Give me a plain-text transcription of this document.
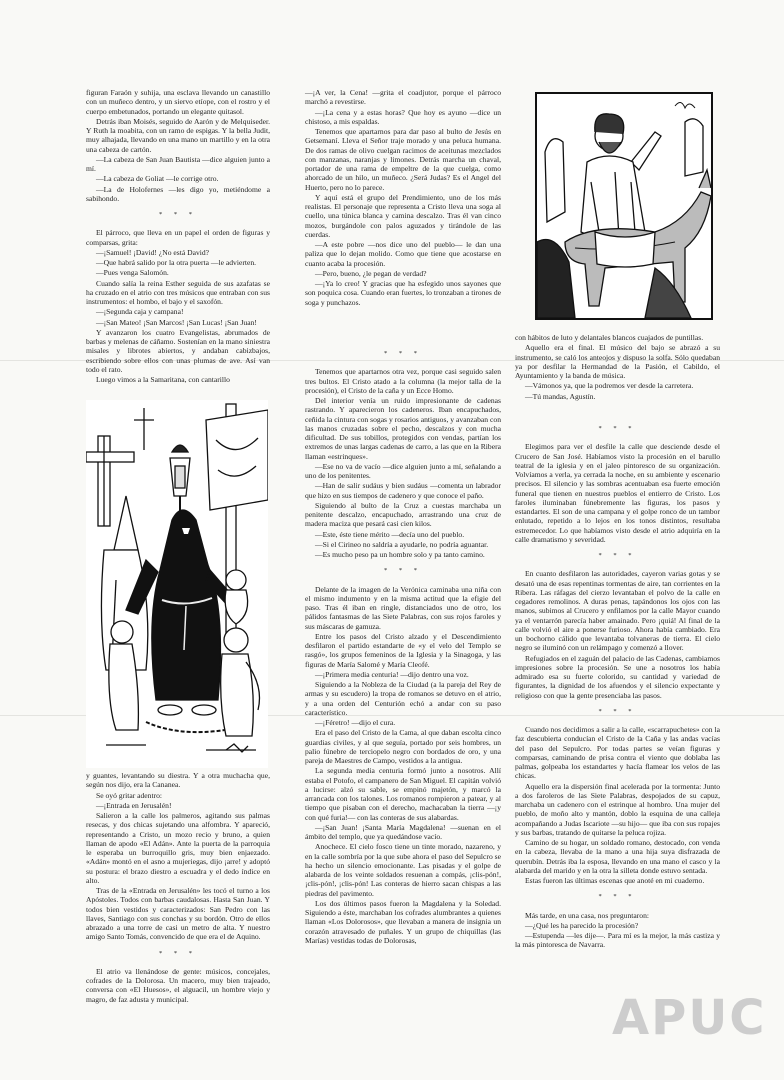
figuran Faraón y suhija, una esclava llevando un canastillo con un muñeco dentro, y un siervo etíope, con el rostro y el cuerpo embetunados, portando un elegante quitasol.

Detrás iban Moisés, seguido de Aarón y de Melquiseder. Y Ruth la moabita, con un ramo de espigas. Y la bella Judit, muy alhajada, llevando en una mano un martillo y en la otra una cabeza de cartón.

—La cabeza de San Juan Bautista —dice alguien junto a mí.

—La cabeza de Goliat —le corrige otro.

—La de Holofernes —les digo yo, metiéndome a sabihondo.

* * *

El párroco, que lleva en un papel el orden de figuras y comparsas, grita:

—¡Samuel! ¡David! ¿No está David?

—Que habrá salido por la otra puerta —le advierten.

—Pues venga Salomón.

Cuando salía la reina Esther seguida de sus azafatas se ha cruzado en el atrio con tres músicos que entraban con sus instrumentos: el hombo, el bajo y el saxofón.

—¡Segunda caja y campana!

—¡San Mateo! ¡San Marcos! ¡San Lucas! ¡San Juan!

Y avanzaron los cuatro Evangelistas, abrumados de barbas y melenas de cáñamo. Sostenían en la mano siniestra misales y librotes abiertos, y andaban cabizbajos, escribiendo sobre ellos con unas plumas de ave. Así van todo el rato.

Luego vimos a la Samaritana, con cantarillo

y guantes, levantando su diestra. Y a otra muchacha que, según nos dijo, era la Cananea.

Se oyó gritar adentro:

—¡Entrada en Jerusalén!

Salieron a la calle los palmeros, agitando sus palmas resecas, y dos chicas sujetando una alfombra. Y apareció, representando a Cristo, un mozo recio y bruno, a quien llaman de apodo «El Adán». Ante la puerta de la parroquia le esperaba un burroquillo gris, muy bien enjaezado. «Adán» montó en el asno a mujeriegas, dijo ¡arre! y adoptó su postura: el brazo diestro a escuadra y el dedo índice en alto.

Tras de la «Entrada en Jerusalén» les tocó el turno a los Apóstoles. Todos con barbas caudalosas. Hasta San Juan. Y todos bien vestidos y caracterizados: San Pedro con las llaves, Santiago con sus conchas y su bordón. Otro de ellos abrazado a una torre de casi un metro de alta. Y nuestro amigo Santo Tomás, convencido de que era el de Aquino.

* * *

El atrio va llenándose de gente: músicos, concejales, cofrades de la Dolorosa. Un macero, muy bien trajeado, conversa con «El Huesos», el alguacil, un hombre viejo y magro, de faz adusta y municipal.

—¡A ver, la Cena! —grita el coadjutor, porque el párroco marchó a revestirse.

—¡La cena y a estas horas? Que hoy es ayuno —dice un chistoso, a mis espaldas.

Tenemos que apartarnos para dar paso al bulto de Jesús en Getsemaní. Lleva el Señor traje morado y una peluca humana. De dos ramas de olivo cuelgan racimos de aceitunas mezclados con manzanas, naranjas y limones. Detrás marcha un chaval, portador de una rama de empeltre de la que cuelga, como ahorcado de un hilo, un muñeco. ¿Será Judas? Es el Angel del Huerto, pero no lo parece.

Y aquí está el grupo del Prendimiento, uno de los más realistas. El personaje que representa a Cristo lleva una soga al cuello, una túnica blanca y camina descalzo. Tras él van cinco mozos, burgándole con palos aguzados y tirándole de las cuerdas.

—A este pobre —nos dice uno del pueblo— le dan una paliza que lo dejan molido. Como que tiene que acostarse en cuanto acaba la procesión.

—Pero, bueno, ¿le pegan de verdad?

—¡Ya lo creo! Y gracias que ha esfegido unos sayones que son poquica cosa. Cuando eran fuertes, lo tronzaban a tirones de soga y punchazos.

* * *

Tenemos que apartarnos otra vez, porque casi seguido salen tres bultos. El Cristo atado a la columna (la mejor talla de la procesión), el Cristo de la caña y un Ecce Homo.

Del interior venía un ruido impresionante de cadenas rastrando. Y aparecieron los cadeneros. Iban encapuchados, ceñida la cintura con sogas y rosarios antiguos, y avanzaban con las manos cruzadas sobre el pecho, descalzos y con mucha dificultad. De sus tobillos, protegidos con vendas, partían los extremos de unas largas cadenas de carro, a las que en la Ribera llaman «estrinques».

—Ese no va de vacío —dice alguien junto a mí, señalando a uno de los penitentes.

—Han de salir sudáus y bien sudáus —comenta un labrador que hizo en sus tiempos de cadenero y que conoce el paño.

Siguiendo al bulto de la Cruz a cuestas marchaba un penitente descalzo, encapuchado, arrastrando una cruz de madera maciza que pesará casi cien kilos.

—Este, éste tiene mérito —decía uno del pueblo.

—Si el Cirineo no saldría a ayudarle, no podría aguantar.

—Es mucho peso pa un hombre solo y pa tanto camino.

* * *

Delante de la imagen de la Verónica caminaba una niña con el mismo indumento y en la misma actitud que la efigie del paso. Tras él iban en ringle, distanciados uno de otro, los pálidos fantasmas de las Siete Palabras, con sus rojos faroles y sus máscaras de gamuza.

Entre los pasos del Cristo alzado y el Descendimiento desfilaron el partido estandarte de «y el velo del Templo se rasgó», los grupos femeninos de la Iglesia y la Sinagoga, y las figuras de María Salomé y María Cleofé.

—¡Primera media centuria! —dijo dentro una voz.

Siguiendo a la Nobleza de la Ciudad (a la pareja del Rey de armas y su escudero) la tropa de romanos se detuvo en el atrio, y a una orden del Centurión echó a andar con su paso característico.

—¡Féretro! —dijo el cura.

Era el paso del Cristo de la Cama, al que daban escolta cinco guardias civiles, y al que seguía, portado por seis hombres, un palio fúnebre de terciopelo negro con bordados de oro, y una pareja de Maestres de Campo, vestidos a la antigua.

La segunda media centuria formó junto a nosotros. Allí estaba el Potofo, el campanero de San Miguel. El capitán volvió a lucirse: alzó su sable, se empinó majetón, y marcó la arrancada con los talones. Los romanos rompieron a patear, y al tiempo que pisaban con el derecho, machacaban la tierra —¡y con qué furia!— con las conteras de sus alabardas.

—¡San Juan! ¡Santa María Magdalena! —suenan en el ámbito del templo, que ya quedándose vacío.

Anochece. El cielo fosco tiene un tinte morado, nazareno, y en la calle sombría por la que sube ahora el paso del Sepulcro se ha hecho un silencio emocionante. Las pisadas y el golpe de alabarda de los veinte soldados resuenan a compás, ¡clis-pón!, ¡clis-pón!, ¡clis-pón! Las conteras de hierro sacan chispas a las piedras del pavimento.

Los dos últimos pasos fueron la Magdalena y la Soledad. Siguiendo a éste, marchaban los cofrades alumbrantes a quienes llaman «Los Dolorosos», que llevaban a manera de insignia un corazón atravesado de puñales. Y un grupo de chiquillas (las Marías) vestidas todas de Dolorosas,

con hábitos de luto y delantales blancos cuajados de puntillas.

Aquello era el final. El músico del bajo se abrazó a su instrumento, se caló los anteojos y dispuso la solfa. Sólo quedaban ya por desfilar la Hermandad de la Pasión, el Cabildo, el Ayuntamiento y la banda de música.

—Vámonos ya, que la podremos ver desde la carretera.

—Tú mandas, Agustín.

* * *

Elegimos para ver el desfile la calle que desciende desde el Crucero de San José. Habíamos visto la procesión en el barullo teatral de la iglesia y en el jaleo pintoresco de su organización. Volvíamos a verla, ya cerrada la noche, en su ambiente y escenario precisos. El silencio y las sombras acentuaban esa fuerte emoción funeral que tienen en nuestros pueblos el entierro de Cristo. Los faroles iluminaban fúnebremente las figuras, los pasos y estandartes. El son de una campana y el golpe ronco de un tambor enlutado, repetido a lo lejos en los tonos distintos, resultaba estremecedor. Lo que habíamos visto desde el atrio adquiría en la calle dramatismo y severidad.

* * *

En cuanto desfilaron las autoridades, cayeron varias gotas y se desató una de esas repentinas tormentas de aire, tan corrientes en la Ribera. Las ráfagas del cierzo levantaban el polvo de la calle en cegadores remolinos. A duras penas, tapándonos los ojos con las manos, subimos al Crucero y enfilamos por la calle Mayor cuando ya el ventarrón parecía haber amainado. Pero ¡quiá! Al final de la calle volvió el aire a ponerse furioso. Ahora había cambiado. Era un bochorno cálido que levantaba tolvaneras de tierra. El cielo negro se iluminó con un relámpago y comenzó a llover.

Refugiados en el zaguán del palacio de las Cadenas, cambiamos impresiones sobre la procesión. Se une a nosotros los había admirado esa su fuerte colorido, su cantidad y variedad de figurantes, la dignidad de los afuendos y el silencio expectante y religioso con que la gente presenciaba las pasos.

* * *

Cuando nos decidimos a salir a la calle, «scarrapuchetes» con la faz descubierta conducían el Cristo de la Caña y las andas vacías del paso del Sepulcro. Por todas partes se veían figuras y comparsas, caminando de prisa contra el viento que doblaba las palmas, golpeaba los estandartes y hacía flamear los velos de las chicas.

Aquello era la dispersión final acelerada por la tormenta: Junto a dos faroleros de las Siete Palabras, despojados de su capuz, marchaba un cadenero con el estrinque al hombro. Una mujer del pueblo, de moño alto y mantón, doblo la esquina de una calleja acompañando a Judas Iscariote —su hijo— que iba con sus ropajes y sus barbas, tratando de quitarse la peluca rojiza.

Camino de su hogar, un soldado romano, destocado, con venda en la cabeza, llevaba de la mano a una hija suya disfrazada de querubín. Detrás iba la esposa, llevando en una mano el casco y la alabarda del marido y en la otra la silleta donde estuvo sentada.

Estas fueron las últimas escenas que anoté en mi cuaderno.

* * *

Más tarde, en una casa, nos preguntaron:

—¿Qué les ha parecido la procesión?

—Estupenda —les dije—. Para mí es la mejor, la más castiza y la más pintoresca de Navarra.

APUC
